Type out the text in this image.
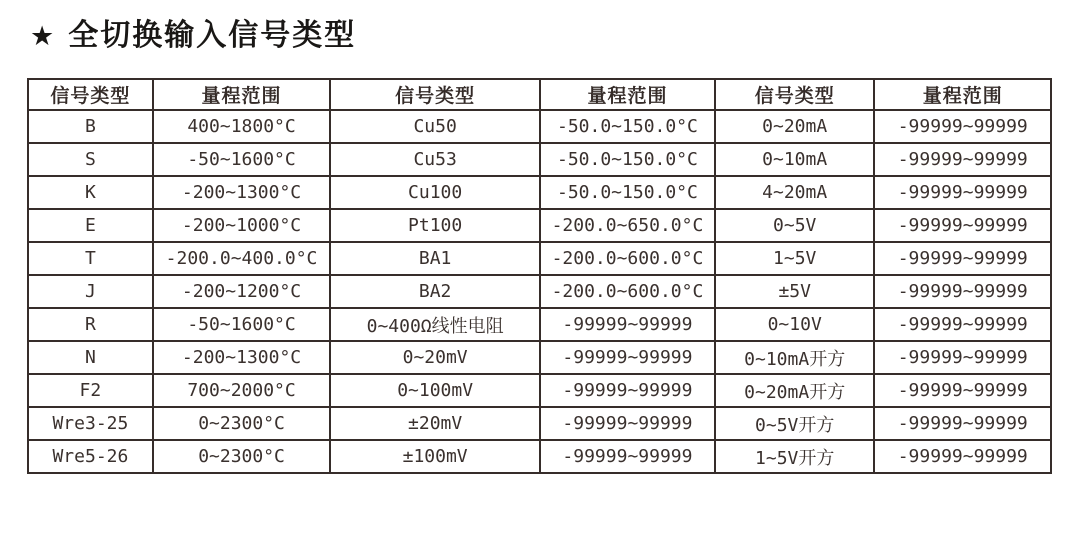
★ 全切换输入信号类型
信号类型	量程范围	信号类型	量程范围	信号类型	量程范围
B	400~1800°C	Cu50	-50.0~150.0°C	0~20mA	-99999~99999
S	-50~1600°C	Cu53	-50.0~150.0°C	0~10mA	-99999~99999
K	-200~1300°C	Cu100	-50.0~150.0°C	4~20mA	-99999~99999
E	-200~1000°C	Pt100	-200.0~650.0°C	0~5V	-99999~99999
T	-200.0~400.0°C	BA1	-200.0~600.0°C	1~5V	-99999~99999
J	-200~1200°C	BA2	-200.0~600.0°C	±5V	-99999~99999
R	-50~1600°C	0~400Ω线性电阻	-99999~99999	0~10V	-99999~99999
N	-200~1300°C	0~20mV	-99999~99999	0~10mA开方	-99999~99999
F2	700~2000°C	0~100mV	-99999~99999	0~20mA开方	-99999~99999
Wre3-25	0~2300°C	±20mV	-99999~99999	0~5V开方	-99999~99999
Wre5-26	0~2300°C	±100mV	-99999~99999	1~5V开方	-99999~99999
